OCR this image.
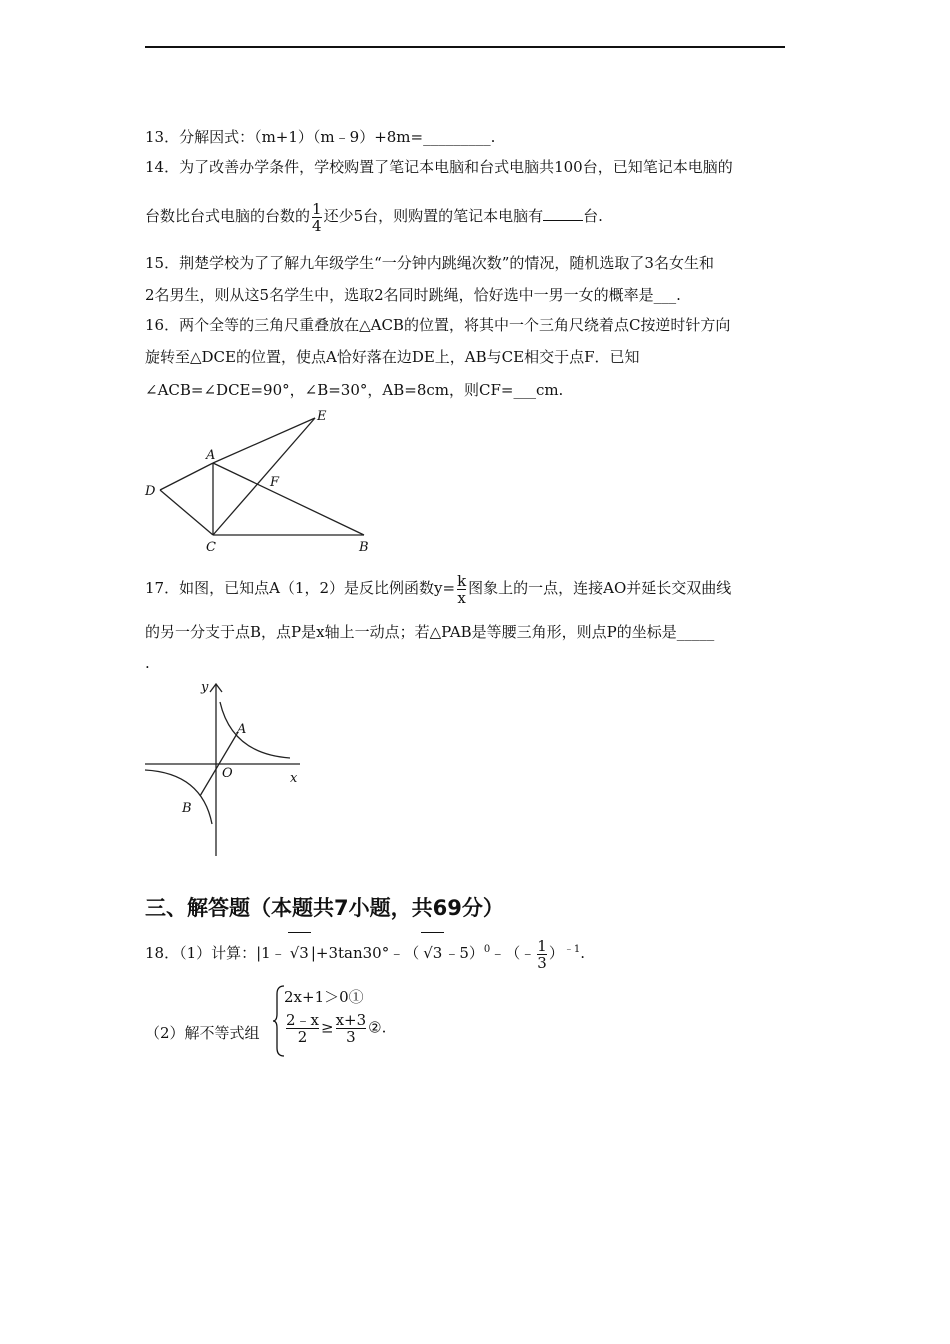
13．分解因式：（m+1）（m﹣9）+8m=_________.
14．为了改善办学条件，学校购置了笔记本电脑和台式电脑共100台，已知笔记本电脑的
台数比台式电脑的台数的 $\frac{1}{4}$ 还少5台，则购置的笔记本电脑有	台.
15．荆楚学校为了了解九年级学生“一分钟内跳绳次数”的情况，随机选取了3名女生和
2名男生，则从这5名学生中，选取2名同时跳绳，恰好选中一男一女的概率是___.
16．两个全等的三角尺重叠放在△ACB的位置，将其中一个三角尺绕着点C按逆时针方向
旋转至△DCE的位置，使点A恰好落在边DE上，AB与CE相交于点F．已知
∠ACB=∠DCE=90°，∠B=30°，AB=8cm，则CF=___cm.
E
A
F
D
C	B
17．如图，已知点A（1，2）是反比例函数$y= \frac{k}{x}$ 图象上的一点，连接AO并延长交双曲线
的另一分支于点B，点P是x轴上一动点；若△PAB是等腰三角形，则点P的坐标是_____
.
y
A
O	x
B
三、解答题（本题共7小题，共69分）
18．（1）计算：|1﹣ √3 |+3tan30°﹣（ √3 ﹣5）$^0$﹣（﹣ $\frac{1}{3} )^{﹣1}$.
（2）解不等式组
2x+1＞0①
$\frac{2﹣x}{2} \ge \frac{x+3}{3}$ ②.
